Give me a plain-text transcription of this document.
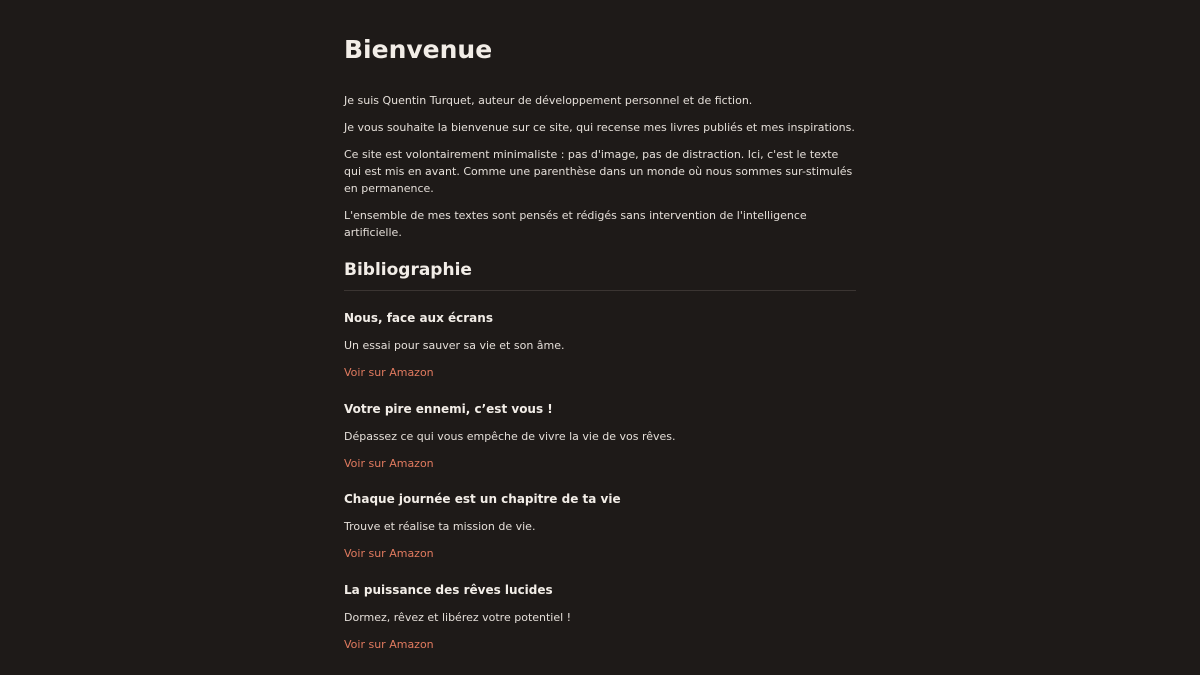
Bienvenue

Je suis Quentin Turquet, auteur de développement personnel et de fiction.

Je vous souhaite la bienvenue sur ce site, qui recense mes livres publiés et mes inspirations.

Ce site est volontairement minimaliste : pas d'image, pas de distraction. Ici, c'est le texte qui est mis en avant. Comme une parenthèse dans un monde où nous sommes sur-stimulés en permanence.

L'ensemble de mes textes sont pensés et rédigés sans intervention de l'intelligence artificielle.

Bibliographie
Nous, face aux écrans

Un essai pour sauver sa vie et son âme.

Voir sur Amazon
Votre pire ennemi, c’est vous !

Dépassez ce qui vous empêche de vivre la vie de vos rêves.

Voir sur Amazon
Chaque journée est un chapitre de ta vie

Trouve et réalise ta mission de vie.

Voir sur Amazon
La puissance des rêves lucides

Dormez, rêvez et libérez votre potentiel !

Voir sur Amazon
